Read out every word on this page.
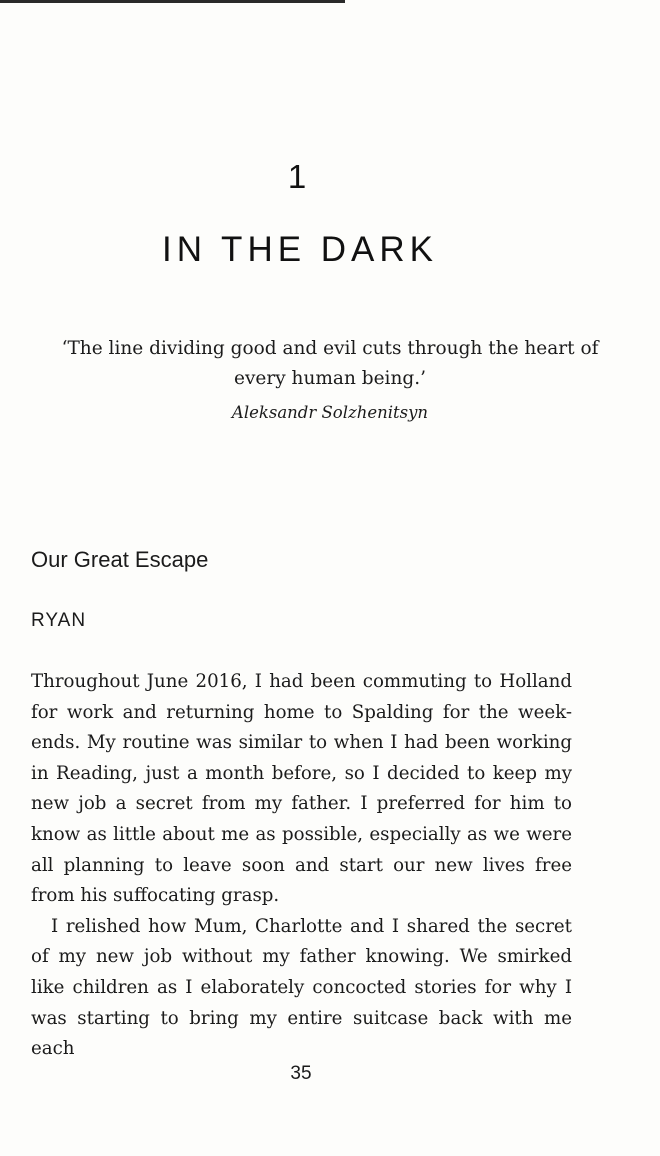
1
IN THE DARK
‘The line dividing good and evil cuts through the heart of every human being.’
Aleksandr Solzhenitsyn
Our Great Escape
RYAN

Throughout June 2016, I had been commuting to Holland for work and returning home to Spalding for the week-ends. My routine was similar to when I had been working in Reading, just a month before, so I decided to keep my new job a secret from my father. I preferred for him to know as little about me as possible, especially as we were all planning to leave soon and start our new lives free from his suffocating grasp.

I relished how Mum, Charlotte and I shared the secret of my new job without my father knowing. We smirked like children as I elaborately concocted stories for why I was starting to bring my entire suitcase back with me each

35
